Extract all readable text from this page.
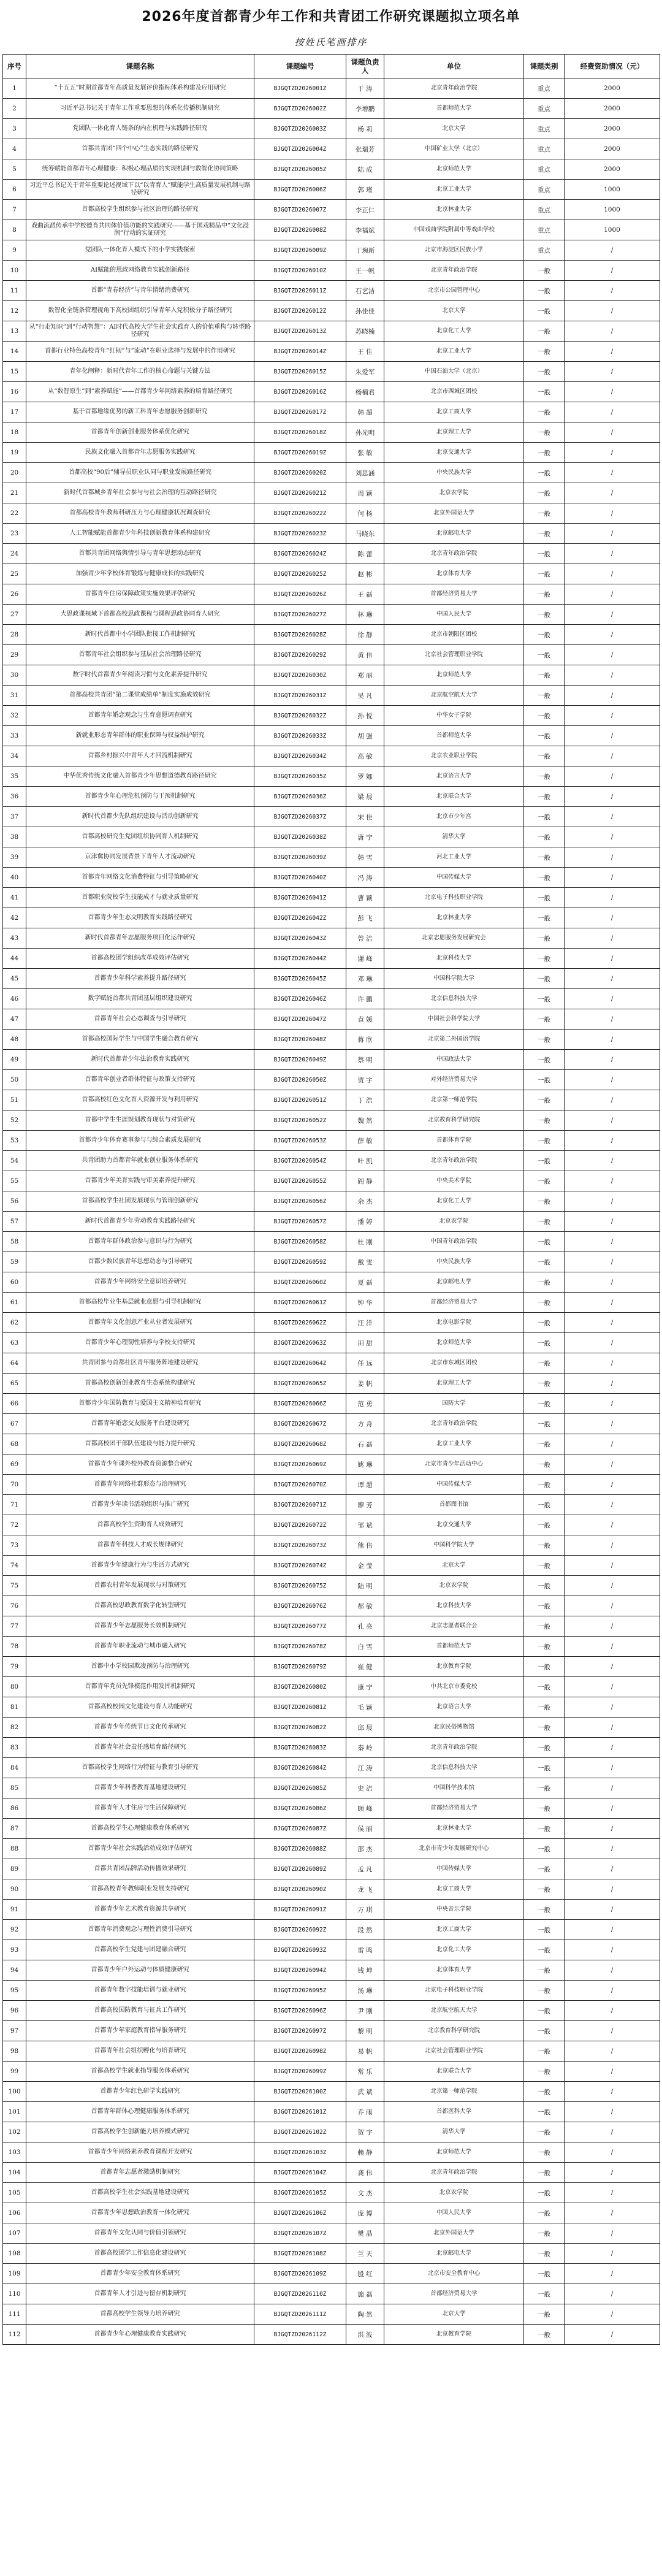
2026年度首都青少年工作和共青团工作研究课题拟立项名单
按姓氏笔画排序
序号	课题名称	课题编号	课题负责人	单位	课题类别	经费资助情况（元）
1	“十五五”时期首都青年高质量发展评价指标体系构建及应用研究	BJGQTZD2026001Z	于 涛	北京青年政治学院	重点	2000
2	习近平总书记关于青年工作重要思想的体系化传播机制研究	BJGQTZD2026002Z	李增鹏	首都师范大学	重点	2000
3	党团队一体化育人链条的内在机理与实践路径研究	BJGQTZD2026003Z	杨 莉	北京大学	重点	2000
4	首都共青团“四个中心”生态实践的路径研究	BJGQTZD2026004Z	张瑞芳	中国矿业大学（北京）	重点	2000
5	统筹赋能首都青年心理健康：积极心理品质的实现机制与数智化协同策略	BJGQTZD2026005Z	陆 成	北京师范大学	重点	2000
6	习近平总书记关于青年重要论述视域下以“以青育人”赋能学生高质量发展机制与路径研究	BJGQTZD2026006Z	郭 瑾	北京工业大学	重点	1000
7	首都高校学生组织参与社区治理的路径研究	BJGQTZD2026007Z	李正仁	北京林业大学	重点	1000
8	戏曲流派传承中学校德育共同体价值功能的实践研究——基于国戏精品中“文化浸润”行动的实证研究	BJGQTZD2026008Z	李福斌	中国戏曲学院附属中等戏曲学校	重点	1000
9	党团队一体化育人模式下的小学实践探索	BJGQTZD2026009Z	丁琬新	北京市海淀区民族小学	重点	/
10	AI赋能的思政网络教育实践创新路径	BJGQTZD2026010Z	王一帆	北京青年政治学院	一般	/
11	首都“青春经济”与青年情绪消费研究	BJGQTZD2026011Z	石艺洁	北京市公园管理中心	一般	/
12	数智化全链条管理视角下高校团组织引导青年入党积极分子路径研究	BJGQTZD2026012Z	孙佳佳	北京大学	一般	/
13	从“行走知识”到“行动智慧”：AI时代高校大学生社会实践育人的价值重构与转型路径研究	BJGQTZD2026013Z	苏晓楠	北京化工大学	一般	/
14	首都行业特色高校青年“红韧”与“流动”在职业选择与发展中的作用研究	BJGQTZD2026014Z	王 佳	北京工业大学	一般	/
15	青年化阐释：新时代青年工作的核心命题与关键方法	BJGQTZD2026015Z	朱爱军	中国石油大学（北京）	一般	/
16	从“数智原生”到“素养赋能”——首都青少年网络素养的培育路径研究	BJGQTZD2026016Z	杨楠君	北京市西城区团校	一般	/
17	基于首都地缘优势的新工科青年志愿服务创新研究	BJGQTZD2026017Z	韩 超	北京工商大学	一般	/
18	首都青年创新创业服务体系优化研究	BJGQTZD2026018Z	孙光明	北京理工大学	一般	/
19	民族文化融入首都青年志愿服务实践研究	BJGQTZD2026019Z	张 敏	北京交通大学	一般	/
20	首都高校“90后”辅导员职业认同与职业发展路径研究	BJGQTZD2026020Z	刘思涵	中央民族大学	一般	/
21	新时代首都城乡青年社会参与与社会治理的互动路径研究	BJGQTZD2026021Z	周 颖	北京农学院	一般	/
22	首都高校青年教师科研压力与心理健康状况调查研究	BJGQTZD2026022Z	何 杨	北京外国语大学	一般	/
23	人工智能赋能首都青少年科技创新教育体系构建研究	BJGQTZD2026023Z	马晓东	北京邮电大学	一般	/
24	首都共青团网络舆情引导与青年思想动态研究	BJGQTZD2026024Z	陈 蕾	北京青年政治学院	一般	/
25	加强青少年学校体育锻炼与健康成长的实践研究	BJGQTZD2026025Z	赵 彬	北京体育大学	一般	/
26	首都青年住房保障政策实施效果评估研究	BJGQTZD2026026Z	王 磊	首都经济贸易大学	一般	/
27	大思政课视域下首都高校思政课程与课程思政协同育人研究	BJGQTZD2026027Z	林 琳	中国人民大学	一般	/
28	新时代首都中小学团队衔接工作机制研究	BJGQTZD2026028Z	徐 静	北京市朝阳区团校	一般	/
29	首都青年社会组织参与基层社会治理路径研究	BJGQTZD2026029Z	黄 伟	北京社会管理职业学院	一般	/
30	数字时代首都青少年阅读习惯与文化素养提升研究	BJGQTZD2026030Z	郑 丽	北京师范大学	一般	/
31	首都高校共青团“第二课堂成绩单”制度实施成效研究	BJGQTZD2026031Z	吴 凡	北京航空航天大学	一般	/
32	首都青年婚恋观念与生育意愿调查研究	BJGQTZD2026032Z	孙 悦	中华女子学院	一般	/
33	新就业形态青年群体的职业保障与权益维护研究	BJGQTZD2026033Z	胡 强	首都师范大学	一般	/
34	首都乡村振兴中青年人才回流机制研究	BJGQTZD2026034Z	高 敏	北京农业职业学院	一般	/
35	中华优秀传统文化融入首都青少年思想道德教育路径研究	BJGQTZD2026035Z	罗 娜	北京语言大学	一般	/
36	首都青少年心理危机预防与干预机制研究	BJGQTZD2026036Z	梁 晨	北京联合大学	一般	/
37	新时代首都少先队组织建设与活动创新研究	BJGQTZD2026037Z	宋 佳	北京市少年宫	一般	/
38	首都高校研究生党团组织协同育人机制研究	BJGQTZD2026038Z	唐 宁	清华大学	一般	/
39	京津冀协同发展背景下青年人才流动研究	BJGQTZD2026039Z	韩 雪	河北工业大学	一般	/
40	首都青年网络文化消费特征与引导策略研究	BJGQTZD2026040Z	冯 涛	中国传媒大学	一般	/
41	首都职业院校学生技能成才与就业质量研究	BJGQTZD2026041Z	曹 颖	北京电子科技职业学院	一般	/
42	首都青少年生态文明教育实践路径研究	BJGQTZD2026042Z	彭 飞	北京林业大学	一般	/
43	新时代首都青年志愿服务项目化运作研究	BJGQTZD2026043Z	曾 洁	北京志愿服务发展研究会	一般	/
44	首都高校团学组织改革成效评估研究	BJGQTZD2026044Z	谢 峰	北京科技大学	一般	/
45	首都青少年科学素养提升路径研究	BJGQTZD2026045Z	邓 琳	中国科学院大学	一般	/
46	数字赋能首都共青团基层组织建设研究	BJGQTZD2026046Z	许 鹏	北京信息科技大学	一般	/
47	首都青年社会心态调查与引导研究	BJGQTZD2026047Z	袁 媛	中国社会科学院大学	一般	/
48	首都高校国际学生与中国学生融合教育研究	BJGQTZD2026048Z	蒋 欣	北京第二外国语学院	一般	/
49	新时代首都青少年法治教育实践研究	BJGQTZD2026049Z	蔡 明	中国政法大学	一般	/
50	首都青年创业者群体特征与政策支持研究	BJGQTZD2026050Z	贾 宇	对外经济贸易大学	一般	/
51	首都高校红色文化育人资源开发与利用研究	BJGQTZD2026051Z	丁 浩	北京第一师范学院	一般	/
52	首都中学生生涯规划教育现状与对策研究	BJGQTZD2026052Z	魏 然	北京教育科学研究院	一般	/
53	首都青少年体育赛事参与与综合素质发展研究	BJGQTZD2026053Z	薛 敏	首都体育学院	一般	/
54	共青团助力首都青年就业创业服务体系研究	BJGQTZD2026054Z	叶 凯	北京青年政治学院	一般	/
55	首都青少年美育实践与审美素养提升研究	BJGQTZD2026055Z	阎 静	中央美术学院	一般	/
56	首都高校学生社团发展现状与管理创新研究	BJGQTZD2026056Z	余 杰	北京化工大学	一般	/
57	新时代首都青少年劳动教育实践路径研究	BJGQTZD2026057Z	潘 婷	北京农学院	一般	/
58	首都青年群体政治参与意识与行为研究	BJGQTZD2026058Z	杜 刚	中国青年政治学院	一般	/
59	首都少数民族青年思想动态与引导研究	BJGQTZD2026059Z	戴 雯	中央民族大学	一般	/
60	首都青少年网络安全意识培养研究	BJGQTZD2026060Z	夏 磊	北京邮电大学	一般	/
61	首都高校毕业生基层就业意愿与引导机制研究	BJGQTZD2026061Z	钟 华	首都经济贸易大学	一般	/
62	首都青年文化创意产业从业者发展研究	BJGQTZD2026062Z	汪 洋	北京电影学院	一般	/
63	首都青少年心理韧性培养与学校支持研究	BJGQTZD2026063Z	田 甜	北京师范大学	一般	/
64	共青团参与首都社区青年服务阵地建设研究	BJGQTZD2026064Z	任 远	北京市东城区团校	一般	/
65	首都高校创新创业教育生态系统构建研究	BJGQTZD2026065Z	姜 帆	北京理工大学	一般	/
66	首都青少年国防教育与爱国主义精神培育研究	BJGQTZD2026066Z	范 勇	国防大学	一般	/
67	首都青年婚恋交友服务平台建设研究	BJGQTZD2026067Z	方 舟	北京青年政治学院	一般	/
68	首都高校团干部队伍建设与能力提升研究	BJGQTZD2026068Z	石 磊	北京工业大学	一般	/
69	首都青少年课外校外教育资源整合研究	BJGQTZD2026069Z	姚 琳	北京市青少年活动中心	一般	/
70	首都青年网络社群形态与治理研究	BJGQTZD2026070Z	谭 超	中国传媒大学	一般	/
71	首都青少年读书活动组织与推广研究	BJGQTZD2026071Z	廖 芳	首都图书馆	一般	/
72	首都高校学生资助育人成效研究	BJGQTZD2026072Z	邹 斌	北京交通大学	一般	/
73	首都青年科技人才成长规律研究	BJGQTZD2026073Z	熊 伟	中国科学院大学	一般	/
74	首都青少年健康行为与生活方式研究	BJGQTZD2026074Z	金 莹	北京大学	一般	/
75	首都农村青年发展现状与对策研究	BJGQTZD2026075Z	陆 明	北京农学院	一般	/
76	首都高校思政教育数字化转型研究	BJGQTZD2026076Z	郝 敏	北京科技大学	一般	/
77	首都青少年志愿服务长效机制研究	BJGQTZD2026077Z	孔 亮	北京志愿者联合会	一般	/
78	首都青年职业流动与城市融入研究	BJGQTZD2026078Z	白 雪	首都师范大学	一般	/
79	首都中小学校园欺凌预防与治理研究	BJGQTZD2026079Z	崔 健	北京教育学院	一般	/
80	首都青年党员先锋模范作用发挥机制研究	BJGQTZD2026080Z	康 宁	中共北京市委党校	一般	/
81	首都高校校园文化建设与育人功能研究	BJGQTZD2026081Z	毛 颖	北京语言大学	一般	/
82	首都青少年传统节日文化传承研究	BJGQTZD2026082Z	邱 晨	北京民俗博物馆	一般	/
83	首都青年社会责任感培育路径研究	BJGQTZD2026083Z	秦 岭	北京青年政治学院	一般	/
84	首都高校学生网络行为特征与教育引导研究	BJGQTZD2026084Z	江 涛	北京信息科技大学	一般	/
85	首都青少年科普教育基地建设研究	BJGQTZD2026085Z	史 洁	中国科学技术馆	一般	/
86	首都青年人才住房与生活保障研究	BJGQTZD2026086Z	顾 峰	首都经济贸易大学	一般	/
87	首都高校学生心理健康教育体系研究	BJGQTZD2026087Z	侯 丽	北京林业大学	一般	/
88	首都青少年社会实践活动成效评估研究	BJGQTZD2026088Z	邵 杰	北京市青少年发展研究中心	一般	/
89	首都共青团品牌活动传播效果研究	BJGQTZD2026089Z	孟 凡	中国传媒大学	一般	/
90	首都高校青年教师职业发展支持研究	BJGQTZD2026090Z	龙 飞	北京工商大学	一般	/
91	首都青少年艺术教育资源共享研究	BJGQTZD2026091Z	万 琪	中央音乐学院	一般	/
92	首都青年消费观念与理性消费引导研究	BJGQTZD2026092Z	段 然	北京工商大学	一般	/
93	首都高校学生党建与团建融合研究	BJGQTZD2026093Z	雷 鸣	北京化工大学	一般	/
94	首都青少年户外运动与体质健康研究	BJGQTZD2026094Z	钱 坤	北京体育大学	一般	/
95	首都青年数字技能培训与就业研究	BJGQTZD2026095Z	汤 琳	北京电子科技职业学院	一般	/
96	首都高校国防教育与征兵工作研究	BJGQTZD2026096Z	尹 刚	北京航空航天大学	一般	/
97	首都青少年家庭教育指导服务研究	BJGQTZD2026097Z	黎 明	北京教育科学研究院	一般	/
98	首都青年社会组织孵化与培育研究	BJGQTZD2026098Z	易 帆	北京社会管理职业学院	一般	/
99	首都高校学生就业指导服务体系研究	BJGQTZD2026099Z	常 乐	北京联合大学	一般	/
100	首都青少年红色研学实践研究	BJGQTZD2026100Z	武 斌	北京第一师范学院	一般	/
101	首都青年群体心理健康服务体系研究	BJGQTZD2026101Z	乔 雨	首都医科大学	一般	/
102	首都高校学生创新能力培养模式研究	BJGQTZD2026102Z	贺 宇	清华大学	一般	/
103	首都青少年网络素养教育课程开发研究	BJGQTZD2026103Z	赖 静	北京师范大学	一般	/
104	首都青年志愿者激励机制研究	BJGQTZD2026104Z	龚 伟	北京青年政治学院	一般	/
105	首都高校学生社会实践基地建设研究	BJGQTZD2026105Z	文 杰	北京农学院	一般	/
106	首都青少年思想政治教育一体化研究	BJGQTZD2026106Z	庞 博	中国人民大学	一般	/
107	首都青年文化认同与价值引领研究	BJGQTZD2026107Z	樊 晶	北京外国语大学	一般	/
108	首都高校团学工作信息化建设研究	BJGQTZD2026108Z	兰 天	北京邮电大学	一般	/
109	首都青少年安全教育体系研究	BJGQTZD2026109Z	殷 红	北京市安全教育中心	一般	/
110	首都青年人才引进与留存机制研究	BJGQTZD2026110Z	施 磊	首都经济贸易大学	一般	/
111	首都高校学生领导力培养研究	BJGQTZD2026111Z	陶 然	北京大学	一般	/
112	首都青少年心理健康教育实践研究	BJGQTZD2026112Z	洪 波	北京教育学院	一般	/
